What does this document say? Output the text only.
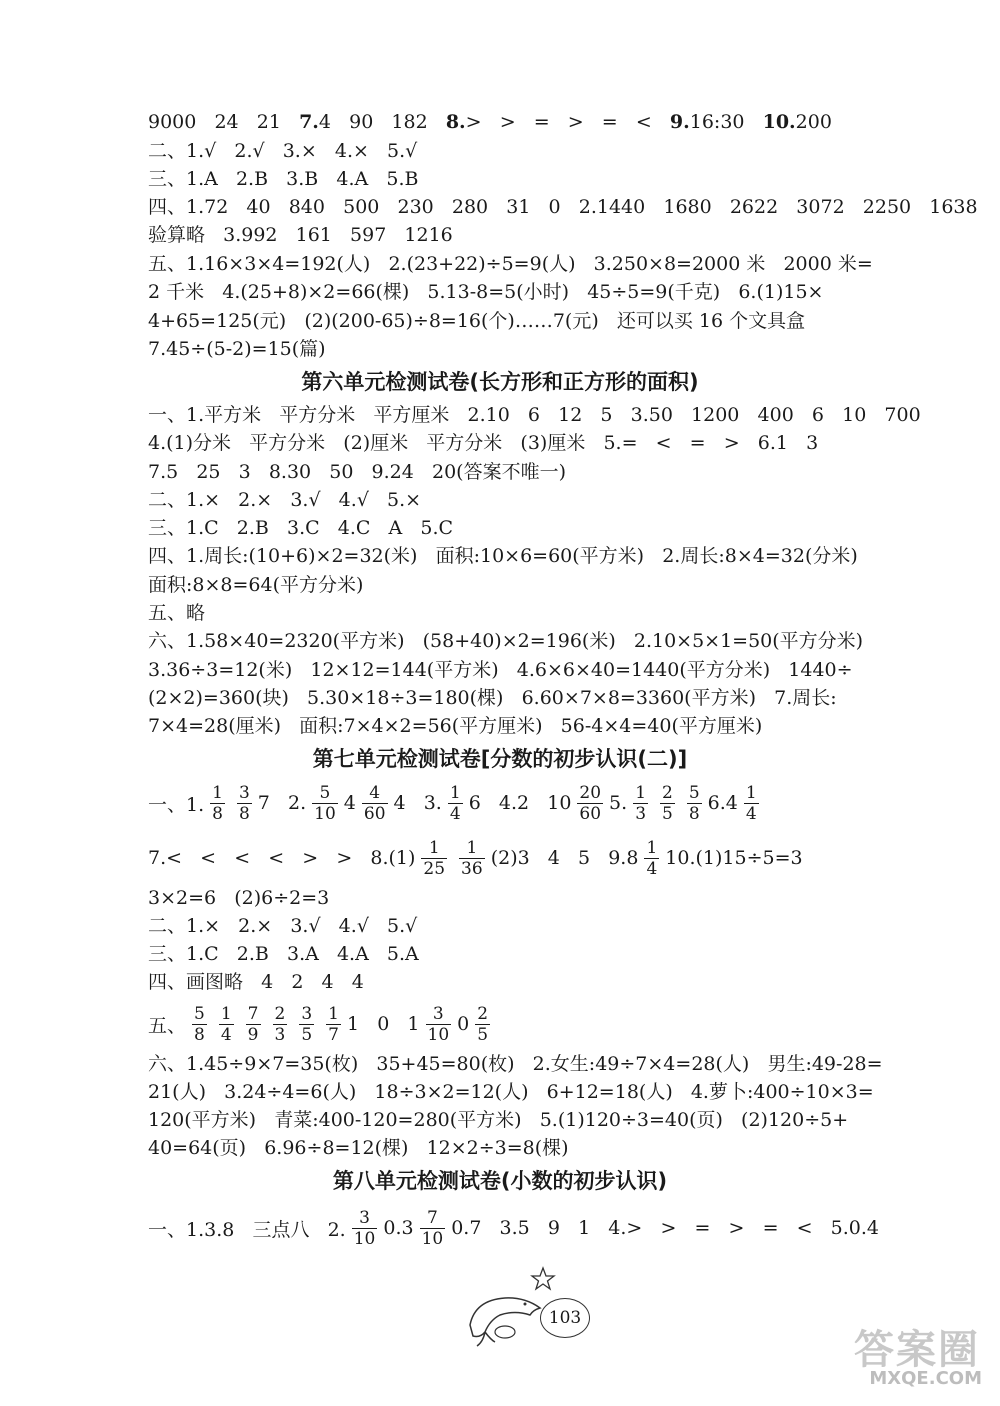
9000   24   21   7.4   90   182   8.>   >   =   >   =   <   9.16:30   10.200
二、1.√   2.√   3.×   4.×   5.√
三、1.A   2.B   3.B   4.A   5.B
四、1.72   40   840   500   230   280   31   0   2.1440   1680   2622   3072   2250   1638
验算略   3.992   161   597   1216
五、1.16×3×4=192(人)   2.(23+22)÷5=9(人)   3.250×8=2000 米   2000 米=
2 千米   4.(25+8)×2=66(棵)   5.13-8=5(小时)   45÷5=9(千克)   6.(1)15×
4+65=125(元)   (2)(200-65)÷8=16(个)……7(元)   还可以买 16 个文具盒
7.45÷(5-2)=15(篇)
第六单元检测试卷(长方形和正方形的面积)
一、1.平方米   平方分米   平方厘米   2.10   6   12   5   3.50   1200   400   6   10   700
4.(1)分米   平方分米   (2)厘米   平方分米   (3)厘米   5.=   <   =   >   6.1   3
7.5   25   3   8.30   50   9.24   20(答案不唯一)
二、1.×   2.×   3.√   4.√   5.×
三、1.C   2.B   3.C   4.C   A   5.C
四、1.周长:(10+6)×2=32(米)   面积:10×6=60(平方米)   2.周长:8×4=32(分米)
面积:8×8=64(平方分米)
五、略
六、1.58×40=2320(平方米)   (58+40)×2=196(米)   2.10×5×1=50(平方分米)
3.36÷3=12(米)   12×12=144(平方米)   4.6×6×40=1440(平方分米)   1440÷
(2×2)=360(块)   5.30×18÷3=180(棵)   6.60×7×8=3360(平方米)   7.周长:
7×4=28(厘米)   面积:7×4×2=56(平方厘米)   56-4×4=40(平方厘米)
第七单元检测试卷[分数的初步认识(二)]
一、1. $\frac{1}{8} \frac{3}{8} 7$   2. $\frac{5}{10} 4 \frac{4}{60} 4$   3. $\frac{1}{4} 6$   4.2   $10 \frac{20}{60} 5$. $\frac{1}{3} \frac{2}{5} \frac{5}{8} 6.4 \frac{1}{4}$
7.<   <   <   <   >   >   $8.(1) \frac{1}{25} \frac{1}{36} (2)3$   4   5   $9.8 \frac{1}{4} 10.(1)15\div 5=3$
3×2=6   (2)6÷2=3
二、1.×   2.×   3.√   4.√   5.√
三、1.C   2.B   3.A   4.A   5.A
四、画图略   4   2   4   4
五、 $\frac{5}{8} \frac{1}{4} \frac{7}{9} \frac{2}{3} \frac{3}{5} \frac{1}{7} 1$   0   $1 \frac{3}{10} 0 \frac{2}{5}$
六、1.45÷9×7=35(枚)   35+45=80(枚)   2.女生:49÷7×4=28(人)   男生:49-28=
21(人)   3.24÷4=6(人)   18÷3×2=12(人)   6+12=18(人)   4.萝卜:400÷10×3=
120(平方米)   青菜:400-120=280(平方米)   5.(1)120÷3=40(页)   (2)120÷5+
40=64(页)   6.96÷8=12(棵)   12×2÷3=8(棵)
第八单元检测试卷(小数的初步认识)
一、1.3.8   三点八   2. $\frac{3}{10} 0.3 \frac{7}{10} 0.7$   3.5   9   1   4.>   >   =   >   =   <   5.0.4
103
答案圈
MXQE.COM
